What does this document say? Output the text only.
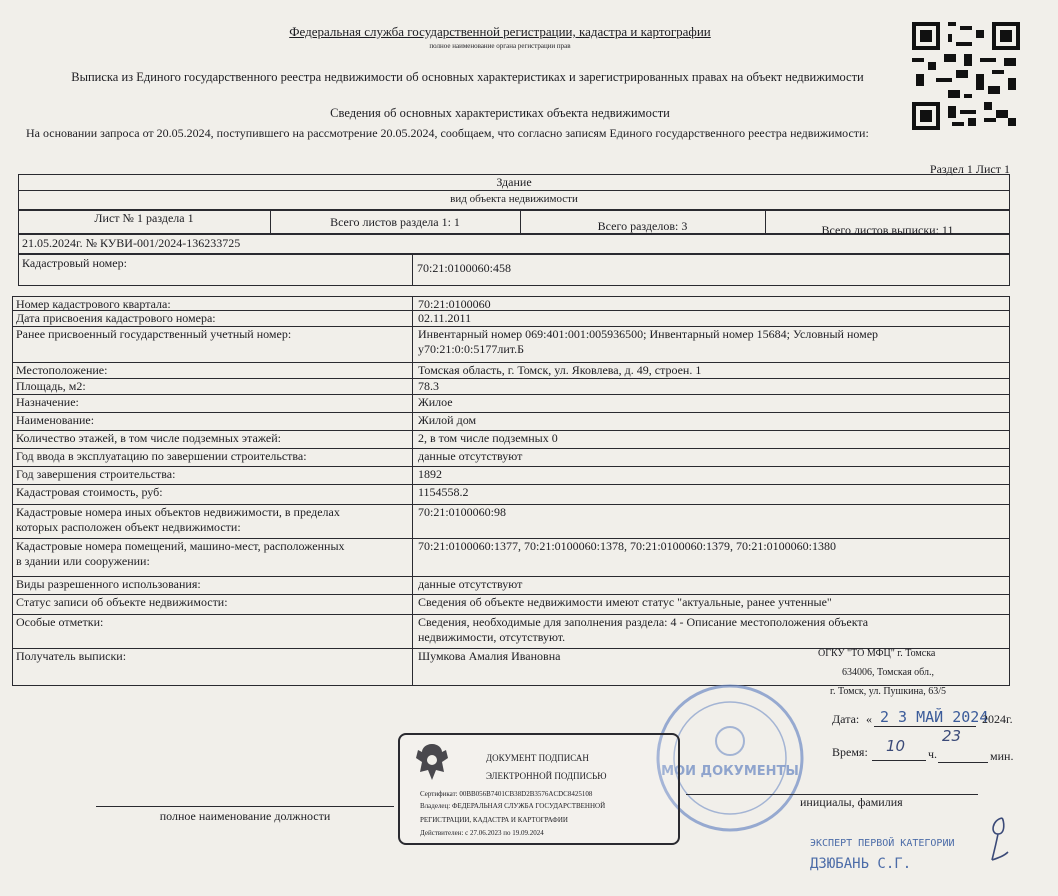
Федеральная служба государственной регистрации, кадастра и картографии
полное наименование органа регистрации прав
Выписка из Единого государственного реестра недвижимости об основных характеристиках и зарегистрированных правах на объект недвижимости
Сведения об основных характеристиках объекта недвижимости
На основании запроса от 20.05.2024, поступившего на рассмотрение 20.05.2024, сообщаем, что согласно записям Единого государственного реестра недвижимости:
Раздел 1 Лист 1
Здание
вид объекта недвижимости
Лист № 1 раздела 1	Всего листов раздела 1: 1	Всего разделов: 3	Всего листов выписки: 11
21.05.2024г. № КУВИ-001/2024-136233725
Кадастровый номер:	70:21:0100060:458
Номер кадастрового квартала:	70:21:0100060
Дата присвоения кадастрового номера:	02.11.2011
Ранее присвоенный государственный учетный номер:	Инвентарный номер 069:401:001:005936500; Инвентарный номер 15684; Условный номер
у70:21:0:0:5177лит.Б
Местоположение:	Томская область, г. Томск, ул. Яковлева, д. 49, строен. 1
Площадь, м2:	78.3
Назначение:	Жилое
Наименование:	Жилой дом
Количество этажей, в том числе подземных этажей:	2, в том числе подземных 0
Год ввода в эксплуатацию по завершении строительства:	данные отсутствуют
Год завершения строительства:	1892
Кадастровая стоимость, руб:	1154558.2
Кадастровые номера иных объектов недвижимости, в пределах
которых расположен объект недвижимости:
70:21:0100060:98
Кадастровые номера помещений, машино-мест, расположенных
в здании или сооружении:
70:21:0100060:1377, 70:21:0100060:1378, 70:21:0100060:1379, 70:21:0100060:1380
Виды разрешенного использования:	данные отсутствуют
Статус записи об объекте недвижимости:	Сведения об объекте недвижимости имеют статус "актуальные, ранее учтенные"
Особые отметки:	Сведения, необходимые для заполнения раздела: 4 - Описание местоположения объекта
недвижимости, отсутствуют.
Получатель выписки:	Шумкова Амалия Ивановна	ОГКУ "ТО МФЦ" г. Томска
634006, Томская обл.,
г. Томск, ул. Пушкина, 63/5
МОИ ДОКУМЕНТЫ
Дата: « 2 3 МАЙ 2024
2024г.
Время: 10 ч.
23
мин.
ДОКУМЕНТ ПОДПИСАН
ЭЛЕКТРОННОЙ ПОДПИСЬЮ
Сертификат: 00BB056B7401CB38D2B3576ACDC8425108
Владелец: ФЕДЕРАЛЬНАЯ СЛУЖБА ГОСУДАРСТВЕННОЙ
РЕГИСТРАЦИИ, КАДАСТРА И КАРТОГРАФИИ
Действителен: с 27.06.2023 по 19.09.2024
полное наименование должности
инициалы, фамилия
ЭКСПЕРТ ПЕРВОЙ КАТЕГОРИИ
ДЗЮБАНЬ С.Г.
